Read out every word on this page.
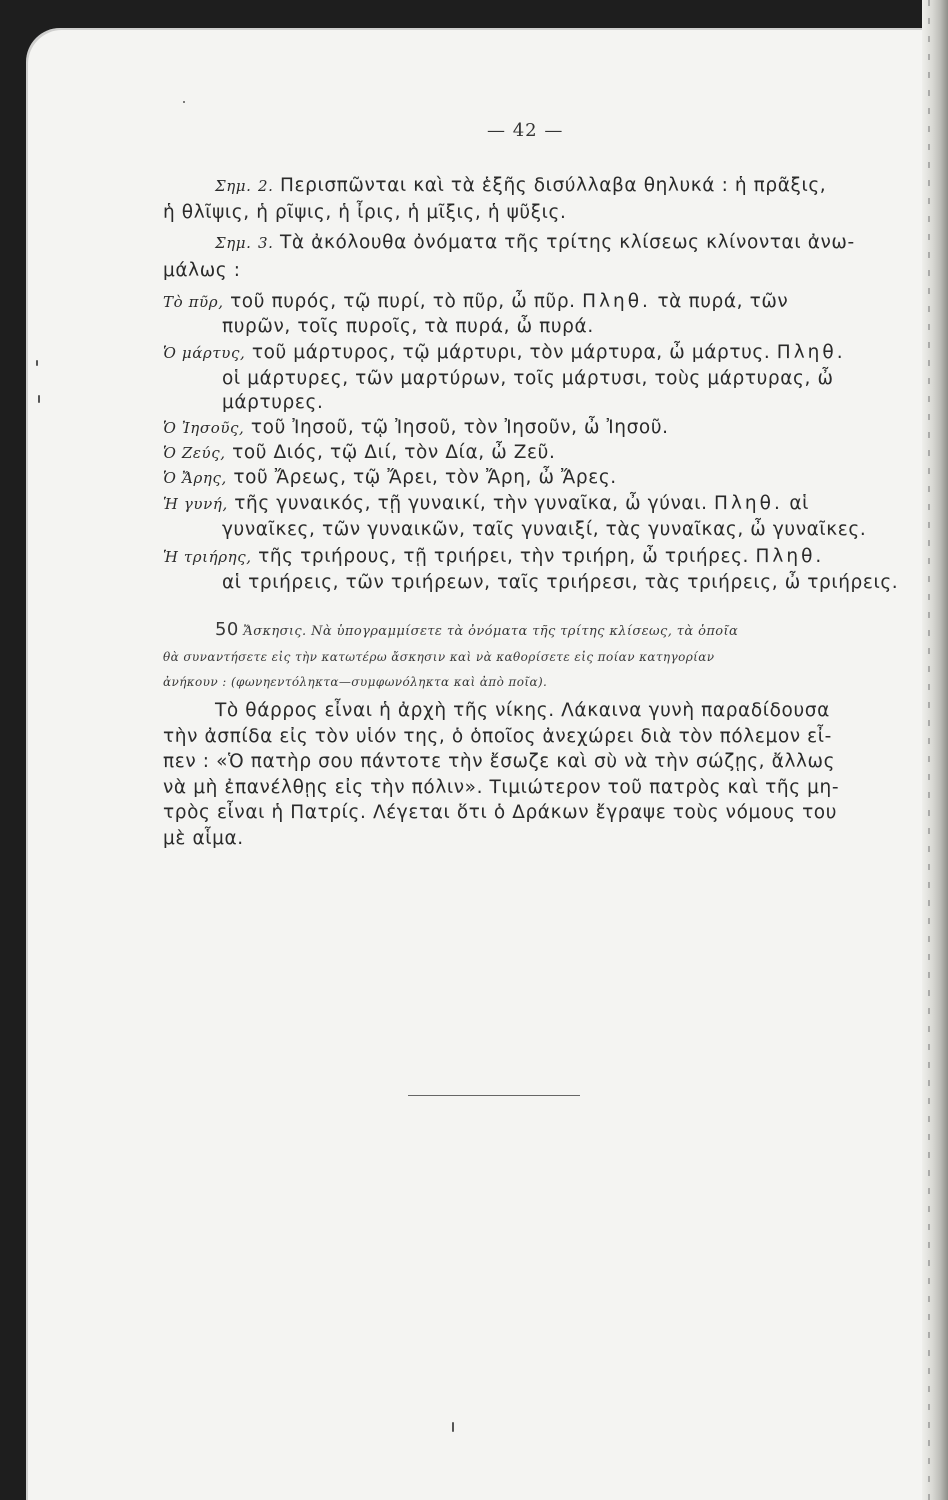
— 42 —
Σημ. 2. Περισπῶνται καὶ τὰ ἑξῆς δισύλλαβα θηλυκά : ἡ πρᾶξις,
ἡ θλῖψις, ἡ ρῖψις, ἡ ἶρις, ἡ μῖξις, ἡ ψῦξις.
Σημ. 3. Τὰ ἀκόλουθα ὀνόματα τῆς τρίτης κλίσεως κλίνονται ἀνω-
μάλως :
Τὸ πῦρ, τοῦ πυρός, τῷ πυρί, τὸ πῦρ, ὦ πῦρ. Πληθ. τὰ πυρά, τῶν
πυρῶν, τοῖς πυροῖς, τὰ πυρά, ὦ πυρά.
Ὁ μάρτυς, τοῦ μάρτυρος, τῷ μάρτυρι, τὸν μάρτυρα, ὦ μάρτυς. Πληθ.
οἱ μάρτυρες, τῶν μαρτύρων, τοῖς μάρτυσι, τοὺς μάρτυρας, ὦ
μάρτυρες.
Ὁ Ἰησοῦς, τοῦ Ἰησοῦ, τῷ Ἰησοῦ, τὸν Ἰησοῦν, ὦ Ἰησοῦ.
Ὁ Ζεύς, τοῦ Διός, τῷ Διί, τὸν Δία, ὦ Ζεῦ.
Ὁ Ἄρης, τοῦ Ἄρεως, τῷ Ἄρει, τὸν Ἄρη, ὦ Ἄρες.
Ἡ γυνή, τῆς γυναικός, τῇ γυναικί, τὴν γυναῖκα, ὦ γύναι. Πληθ. αἱ
γυναῖκες, τῶν γυναικῶν, ταῖς γυναιξί, τὰς γυναῖκας, ὦ γυναῖκες.
Ἡ τριήρης, τῆς τριήρους, τῇ τριήρει, τὴν τριήρη, ὦ τριήρες. Πληθ.
αἱ τριήρεις, τῶν τριήρεων, ταῖς τριήρεσι, τὰς τριήρεις, ὦ τριήρεις.
50 Ἄσκησις. Νὰ ὑπογραμμίσετε τὰ ὀνόματα τῆς τρίτης κλίσεως, τὰ ὁποῖα
θὰ συναντήσετε εἰς τὴν κατωτέρω ἄσκησιν καὶ νὰ καθορίσετε εἰς ποίαν κατηγορίαν
ἀνήκουν : (φωνηεντόληκτα—συμφωνόληκτα καὶ ἀπὸ ποῖα).
Τὸ θάρρος εἶναι ἡ ἀρχὴ τῆς νίκης. Λάκαινα γυνὴ παραδίδουσα
τὴν ἀσπίδα εἰς τὸν υἱόν της, ὁ ὁποῖος ἀνεχώρει διὰ τὸν πόλεμον εἶ-
πεν : «Ὁ πατὴρ σου πάντοτε τὴν ἔσωζε καὶ σὺ νὰ τὴν σώζῃς, ἄλλως
νὰ μὴ ἐπανέλθῃς εἰς τὴν πόλιν». Τιμιώτερον τοῦ πατρὸς καὶ τῆς μη-
τρὸς εἶναι ἡ Πατρίς. Λέγεται ὅτι ὁ Δράκων ἔγραψε τοὺς νόμους του
μὲ αἷμα.
